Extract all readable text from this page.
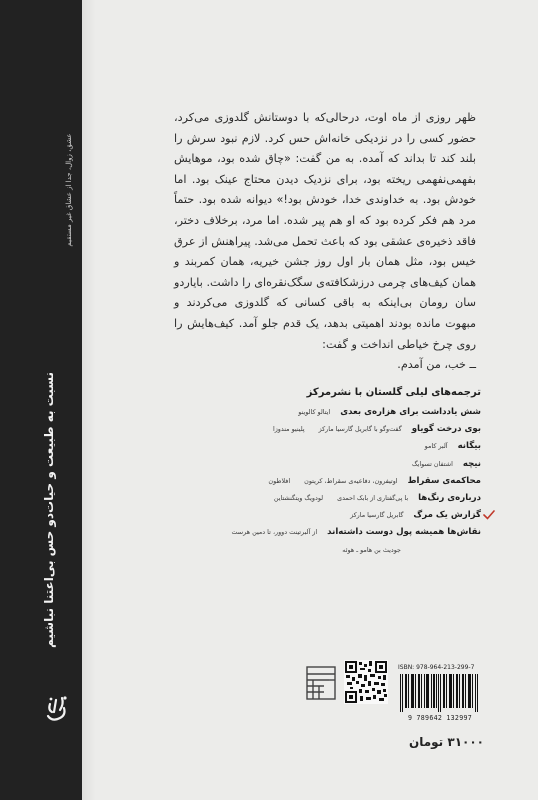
عشق، زوال، جدا از عشاق غیر مستقیم
نسبت به طبیعت و حیات‌دو حس بی‌اعتنا نباشیم

ظهر روزی از ماه اوت، درحالی‌که با دوستانش گلدوزی می‌کرد، حضور کسی را در نزدیکی خانه‌اش حس کرد. لازم نبود سرش را بلند کند تا بداند که آمده. به من گفت: «چاق شده بود، موهایش بفهمی‌نفهمی ریخته بود، برای نزدیک دیدن محتاج عینک بود. اما خودش بود. به خداوندی خدا، خودش بود!» دیوانه شده بود. حتماً مرد هم فکر کرده بود که او هم پیر شده. اما مرد، برخلاف دختر، فاقد ذخیره‌ی عشقی بود که باعث تحمل می‌شد. پیراهنش از عرق خیس بود، مثل همان بار اول روز جشن خیریه، همان کمربند و همان کیف‌های چرمی درزشکافته‌ی سگک‌نقره‌ای را داشت. بایاردو سان رومان بی‌اینکه به باقی کسانی که گلدوزی می‌کردند و مبهوت مانده بودند اهمیتی بدهد، یک قدم جلو آمد. کیف‌هایش را روی چرخ خیاطی انداخت و گفت:

ــ خب، من آمدم.

ترجمه‌های لیلی گلستان با نشرمرکز
شش یادداشت برای هزاره‌ی بعدی
ایتالو کالوینو
بوی درخت گویاو
گفت‌وگو با گابریل گارسیا مارکز
پلینیو مندوزا
بیگانه
آلبر کامو
نیچه
اشتفان تسوایگ
محاکمه‌ی سقراط
اوتیفرون، دفاعیه‌ی سقراط، کریتون
افلاطون
درباره‌ی رنگ‌ها
با پی‌گفتاری از بابک احمدی
لودویگ ویتگنشتاین
گزارش یک مرگ
گابریل گارسیا مارکز
نقاش‌ها همیشه پول دوست داشته‌اند
از آلبرتینت دوور، تا دمین هرست
جودیث بن هامو ـ هوئه
ISBN: 978-964-213-299-7
9 789642 132997
۳۱۰۰۰ تومان
